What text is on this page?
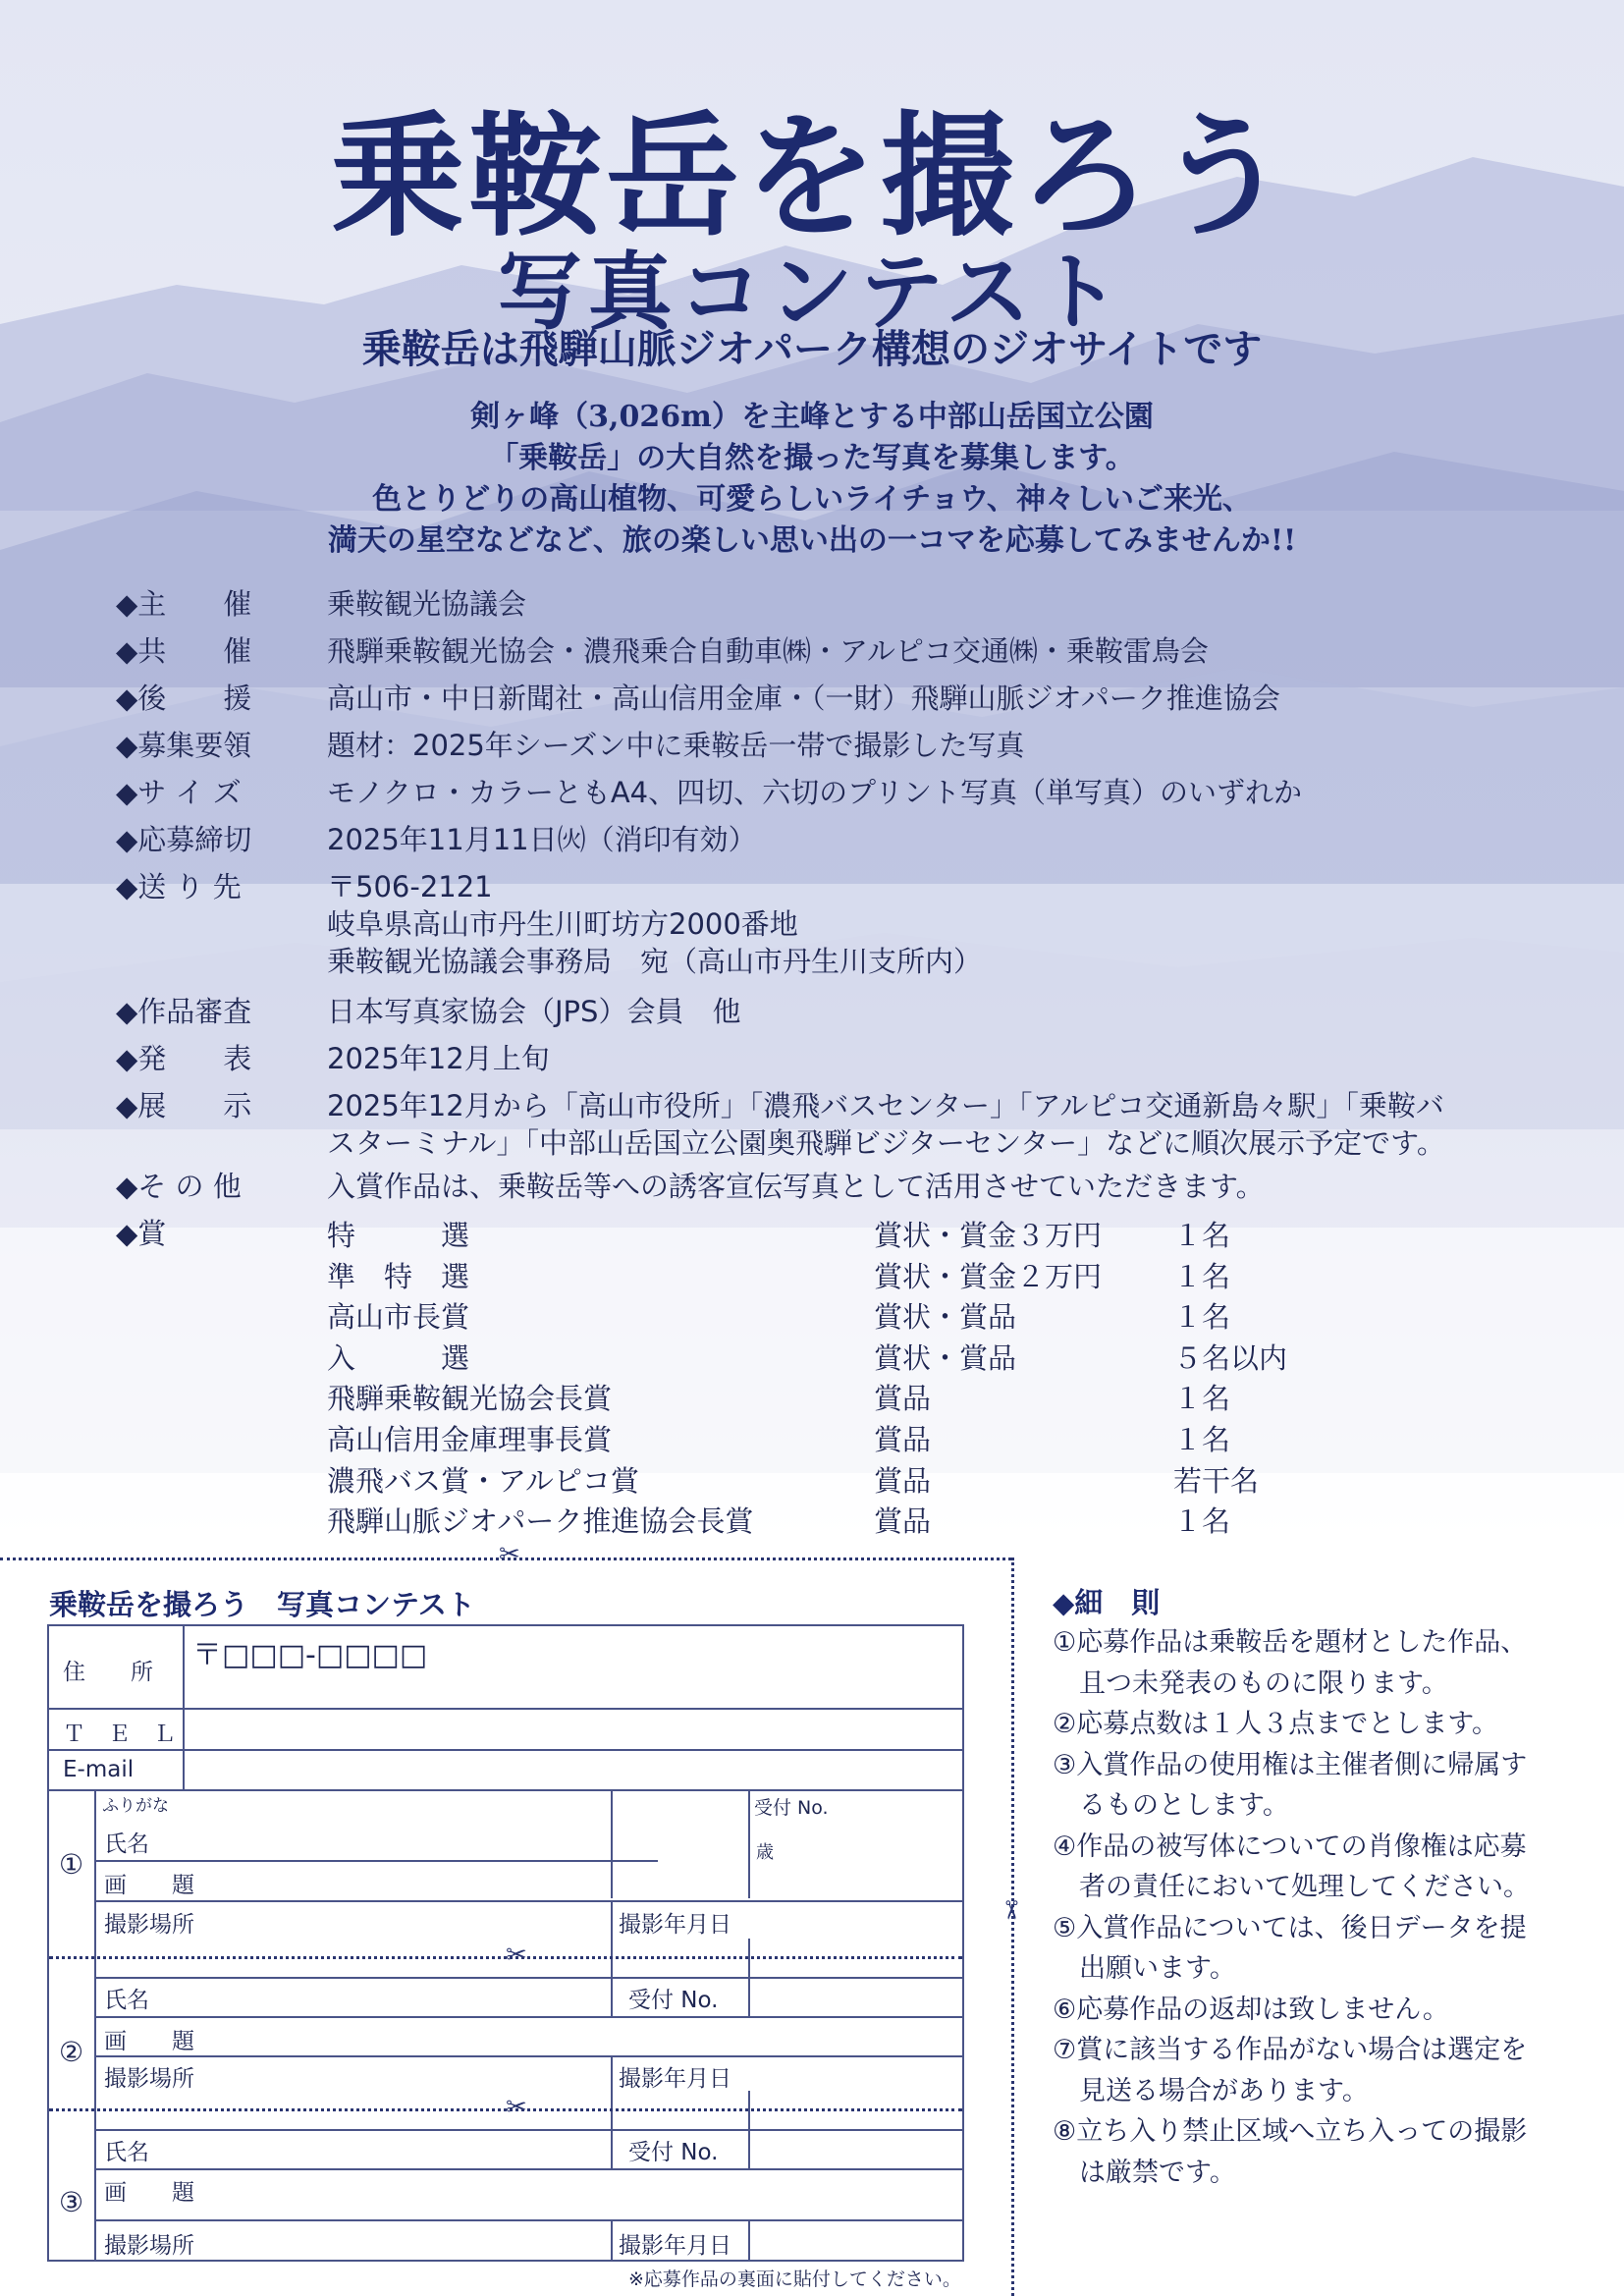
乗鞍岳を撮ろう
写真コンテスト
乗鞍岳は飛騨山脈ジオパーク構想のジオサイトです
剣ヶ峰（3,026m）を主峰とする中部山岳国立公園
「乗鞍岳」の大自然を撮った写真を募集します。
色とりどりの高山植物、可愛らしいライチョウ、神々しいご来光、
満天の星空などなど、旅の楽しい思い出の一コマを応募してみませんか!!
◆主　　催	乗鞍観光協議会
◆共　　催	飛騨乗鞍観光協会・濃飛乗合自動車㈱・アルピコ交通㈱・乗鞍雷鳥会
◆後　　援	高山市・中日新聞社・高山信用金庫・（一財）飛騨山脈ジオパーク推進協会
◆募集要領	題材：2025年シーズン中に乗鞍岳一帯で撮影した写真
◆サ イ ズ	モノクロ・カラーともA4、四切、六切のプリント写真（単写真）のいずれか
◆応募締切	2025年11月11日㈫（消印有効）
◆送 り 先	〒506-2121
岐阜県高山市丹生川町坊方2000番地
乗鞍観光協議会事務局　宛（高山市丹生川支所内）
◆作品審査	日本写真家協会（JPS）会員　他
◆発　　表	2025年12月上旬
◆展　　示	2025年12月から「高山市役所」「濃飛バスセンター」「アルピコ交通新島々駅」「乗鞍バ
スターミナル」「中部山岳国立公園奥飛騨ビジターセンター」などに順次展示予定です。
◆そ の 他	入賞作品は、乗鞍岳等への誘客宣伝写真として活用させていただきます。
◆賞	特　　　選	賞状・賞金３万円	１名
準　特　選	賞状・賞金２万円	１名
高山市長賞	賞状・賞品	１名
入　　　選	賞状・賞品	５名以内
飛騨乗鞍観光協会長賞	賞品	１名
高山信用金庫理事長賞	賞品	１名
濃飛バス賞・アルピコ賞	賞品	若干名
飛騨山脈ジオパーク推進協会長賞	賞品	１名
✂
✂
乗鞍岳を撮ろう　写真コンテスト
✂
✂
住　　所 〒□□□-□□□□
Ｔ　Ｅ　Ｌ
E-mail
①
ふりがな
氏名
受付 No.
歳
画　　題
撮影場所	撮影年月日
②
氏名	受付 No.
画　　題
撮影場所	撮影年月日
③
氏名	受付 No.
画　　題
撮影場所	撮影年月日
※応募作品の裏面に貼付してください。
◆細　則
①応募作品は乗鞍岳を題材とした作品、
　且つ未発表のものに限ります。
②応募点数は１人３点までとします。
③入賞作品の使用権は主催者側に帰属す
　るものとします。
④作品の被写体についての肖像権は応募
　者の責任において処理してください。
⑤入賞作品については、後日データを提
　出願います。
⑥応募作品の返却は致しません。
⑦賞に該当する作品がない場合は選定を
　見送る場合があります。
⑧立ち入り禁止区域へ立ち入っての撮影
　は厳禁です。
